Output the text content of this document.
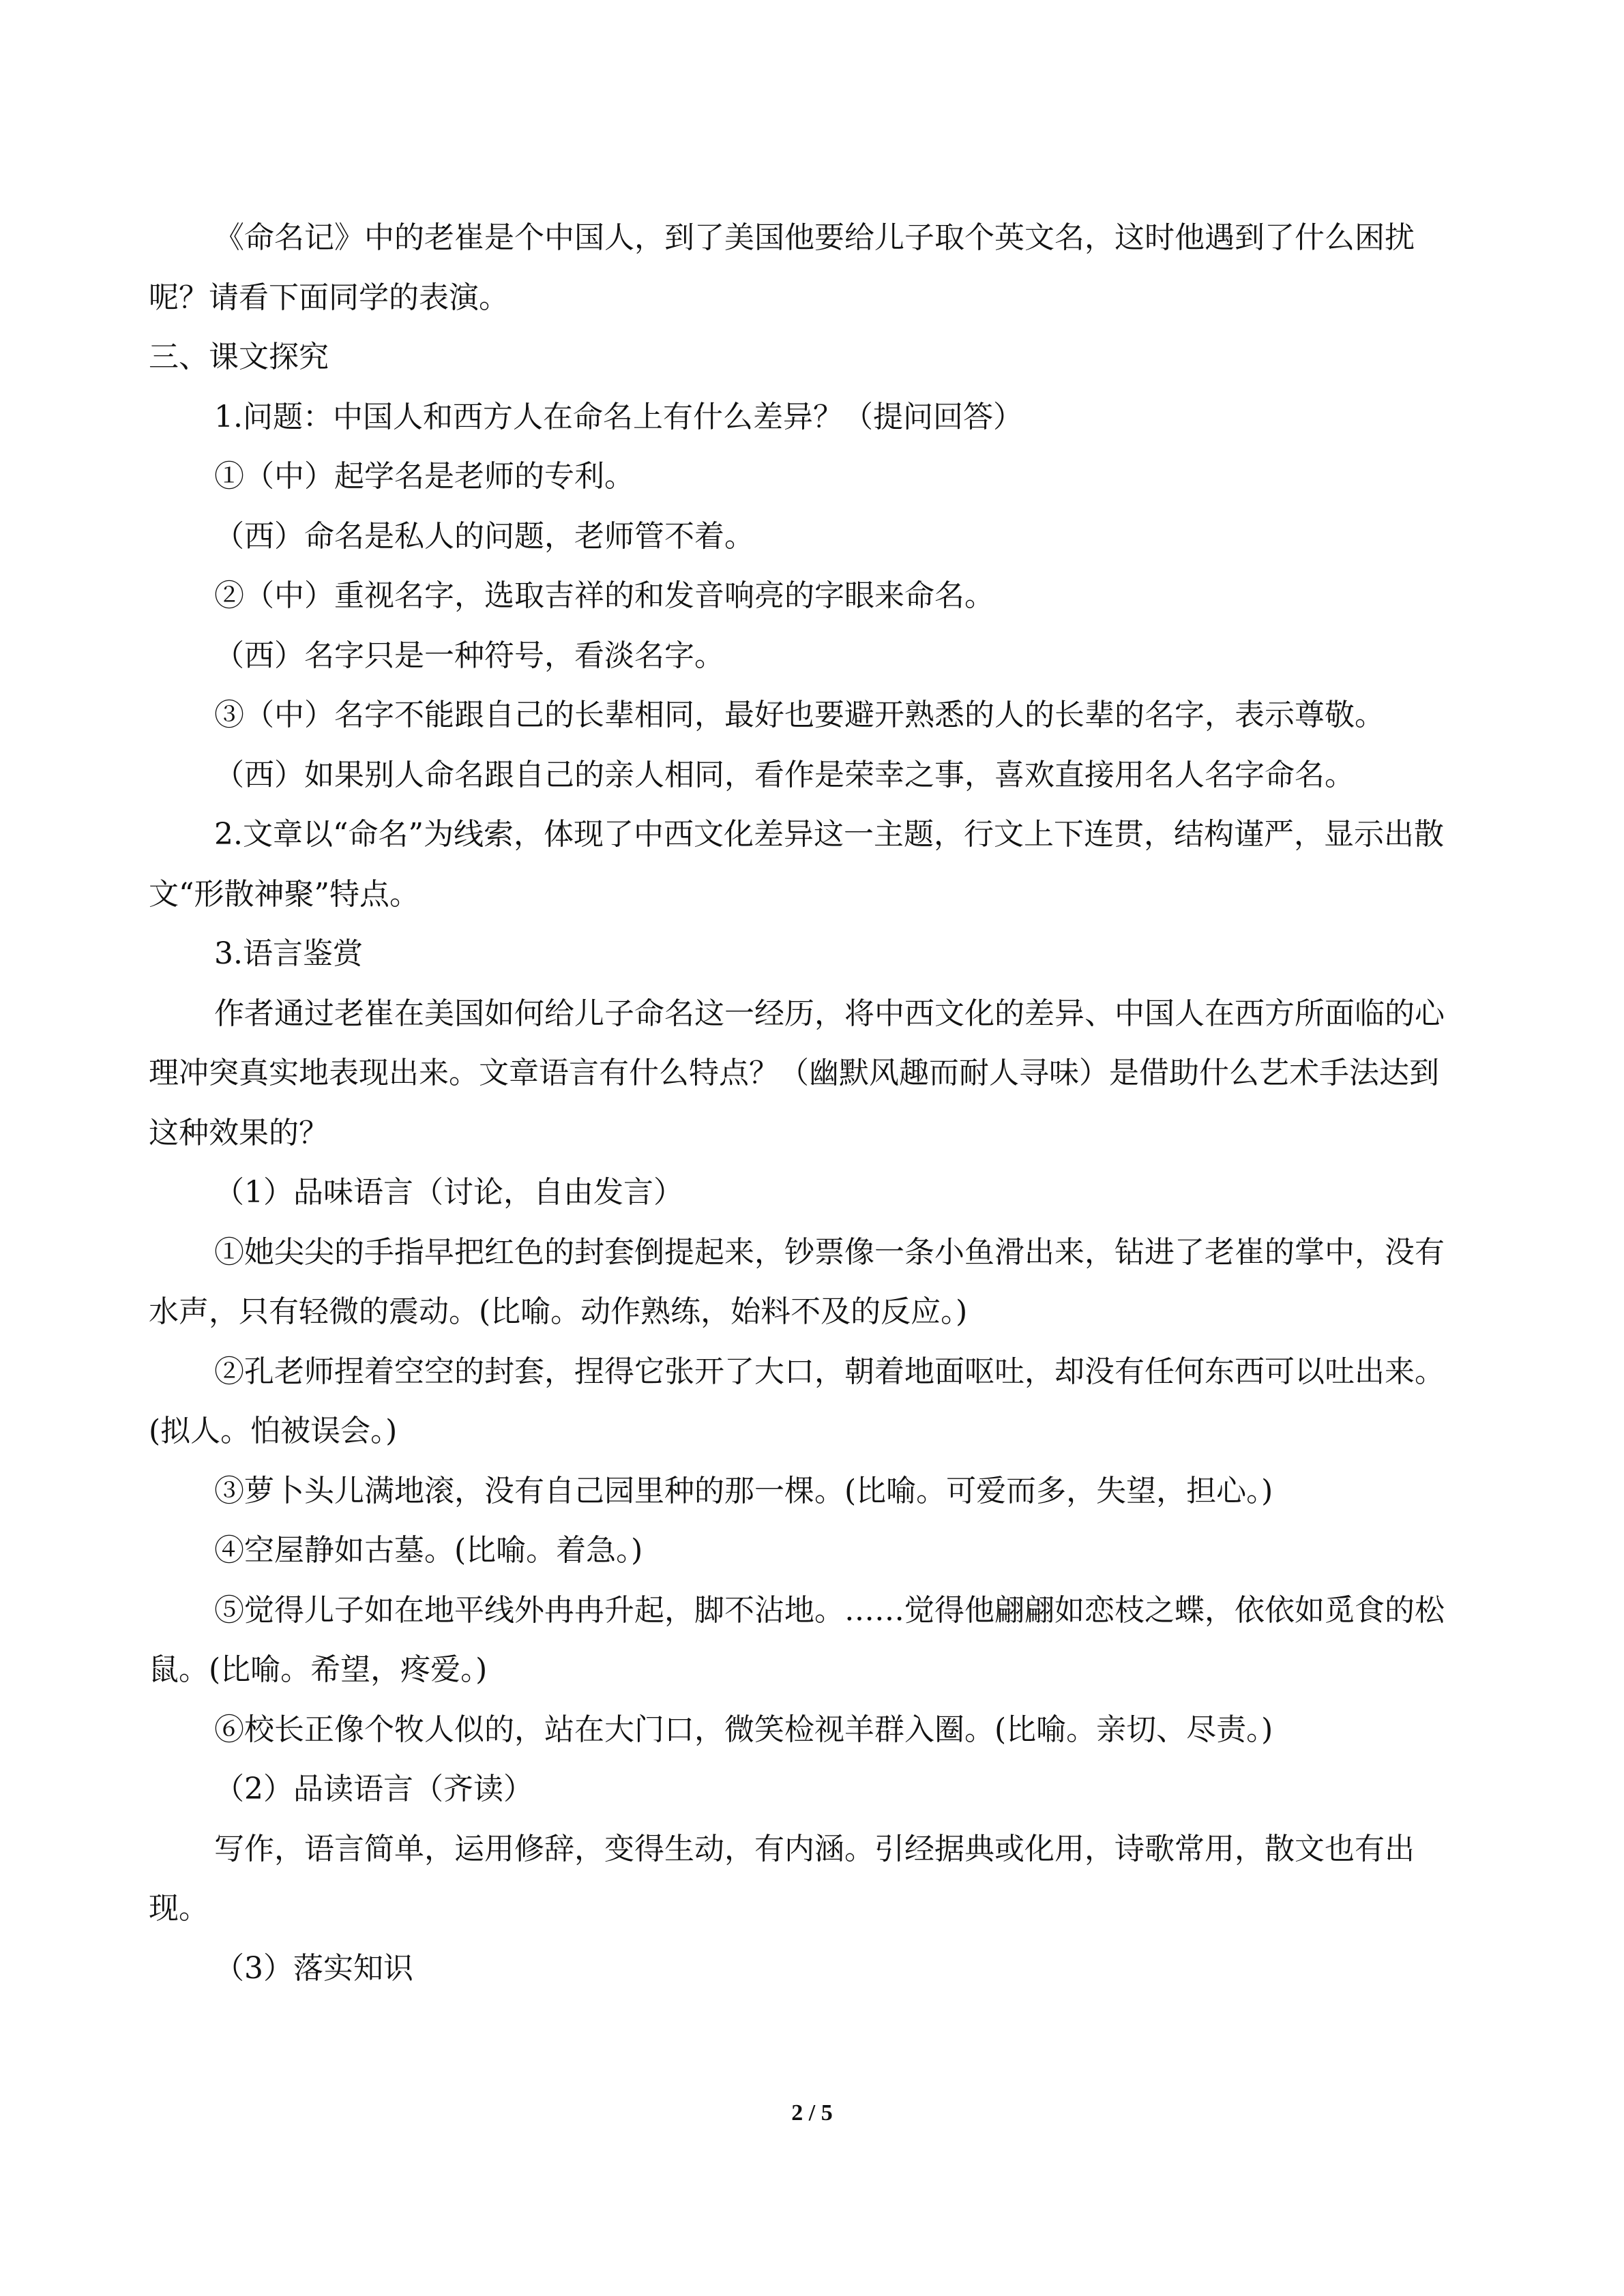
《命名记》中的老崔是个中国人，到了美国他要给儿子取个英文名，这时他遇到了什么困扰呢？请看下面同学的表演。

三、课文探究

1.问题：中国人和西方人在命名上有什么差异？（提问回答）

①（中）起学名是老师的专利。

（西）命名是私人的问题，老师管不着。

②（中）重视名字，选取吉祥的和发音响亮的字眼来命名。

（西）名字只是一种符号，看淡名字。

③（中）名字不能跟自己的长辈相同，最好也要避开熟悉的人的长辈的名字，表示尊敬。

（西）如果别人命名跟自己的亲人相同，看作是荣幸之事，喜欢直接用名人名字命名。

2.文章以“命名”为线索，体现了中西文化差异这一主题，行文上下连贯，结构谨严，显示出散文“形散神聚”特点。

3.语言鉴赏

作者通过老崔在美国如何给儿子命名这一经历，将中西文化的差异、中国人在西方所面临的心理冲突真实地表现出来。文章语言有什么特点？（幽默风趣而耐人寻味）是借助什么艺术手法达到这种效果的？

（1）品味语言（讨论，自由发言）

①她尖尖的手指早把红色的封套倒提起来，钞票像一条小鱼滑出来，钻进了老崔的掌中，没有水声，只有轻微的震动。(比喻。动作熟练，始料不及的反应。)

②孔老师捏着空空的封套，捏得它张开了大口，朝着地面呕吐，却没有任何东西可以吐出来。(拟人。怕被误会。)

③萝卜头儿满地滚，没有自己园里种的那一棵。(比喻。可爱而多，失望，担心。)

④空屋静如古墓。(比喻。着急。)

⑤觉得儿子如在地平线外冉冉升起，脚不沾地。……觉得他翩翩如恋枝之蝶，依依如觅食的松鼠。(比喻。希望，疼爱。)

⑥校长正像个牧人似的，站在大门口，微笑检视羊群入圈。(比喻。亲切、尽责。)

（2）品读语言（齐读）

写作，语言简单，运用修辞，变得生动，有内涵。引经据典或化用，诗歌常用，散文也有出现。

（3）落实知识

2 / 5
